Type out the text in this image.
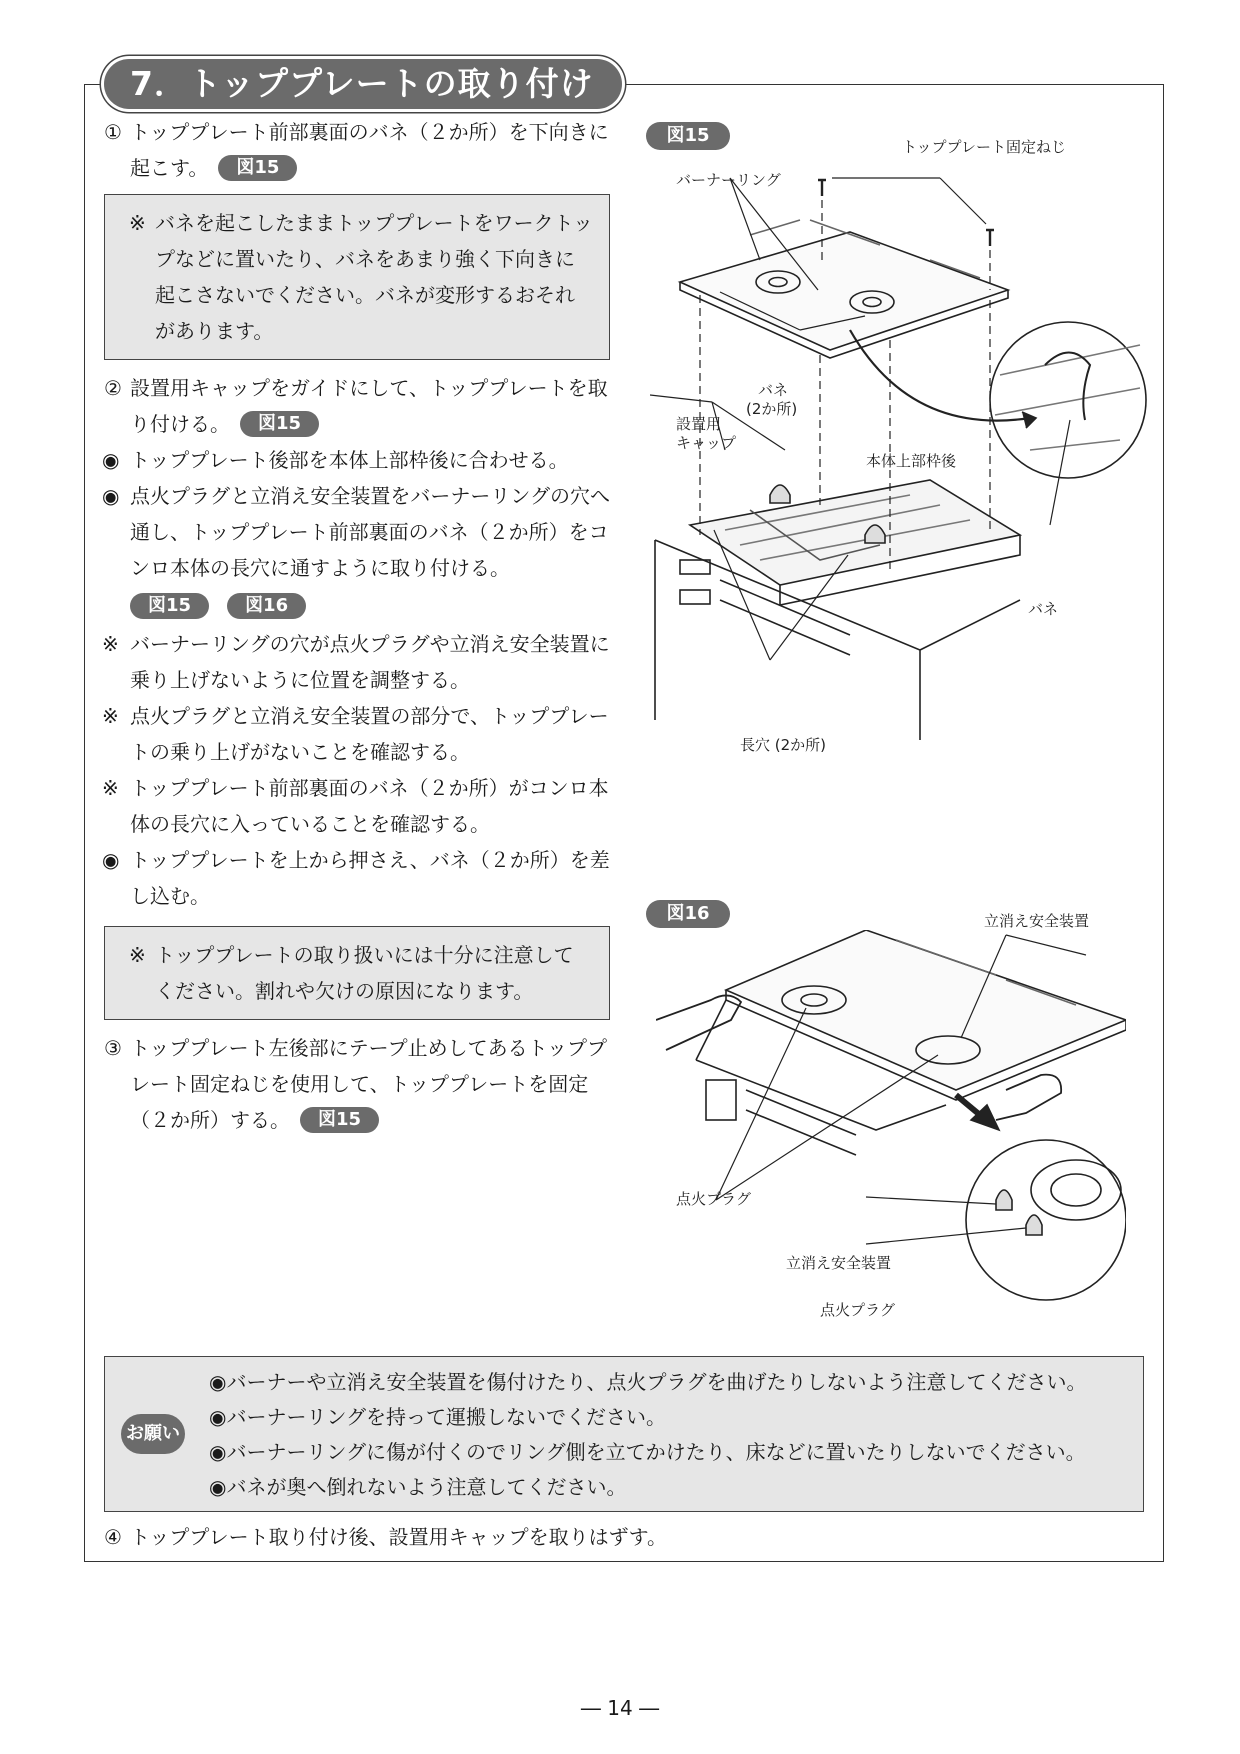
7．トッププレートの取り付け
① トッププレート前部裏面のバネ（２か所）を下向きに起こす。 図15
※ バネを起こしたままトッププレートをワークトップなどに置いたり、バネをあまり強く下向きに起こさないでください。バネが変形するおそれがあります。
② 設置用キャップをガイドにして、トッププレートを取り付ける。 図15
◉ トッププレート後部を本体上部枠後に合わせる。
◉ 点火プラグと立消え安全装置をバーナーリングの穴へ通し、トッププレート前部裏面のバネ（２か所）をコンロ本体の長穴に通すように取り付ける。
図15	図16
※ バーナーリングの穴が点火プラグや立消え安全装置に乗り上げないように位置を調整する。
※ 点火プラグと立消え安全装置の部分で、トッププレートの乗り上げがないことを確認する。
※ トッププレート前部裏面のバネ（２か所）がコンロ本体の長穴に入っていることを確認する。
◉ トッププレートを上から押さえ、バネ（２か所）を差し込む。
※ トッププレートの取り扱いには十分に注意してください。割れや欠けの原因になります。
③ トッププレート左後部にテープ止めしてあるトッププレート固定ねじを使用して、トッププレートを固定（２か所）する。 図15
図15
トッププレート固定ねじ
バーナーリング
バネ
(2か所)
設置用
キャップ
本体上部枠後
バネ
長穴 (2か所)
図16	立消え安全装置
点火プラグ
立消え安全装置
点火プラグ
お願い
◉バーナーや立消え安全装置を傷付けたり、点火プラグを曲げたりしないよう注意してください。
◉バーナーリングを持って運搬しないでください。
◉バーナーリングに傷が付くのでリング側を立てかけたり、床などに置いたりしないでください。
◉バネが奥へ倒れないよう注意してください。
④ トッププレート取り付け後、設置用キャップを取りはずす。
― 14 ―
